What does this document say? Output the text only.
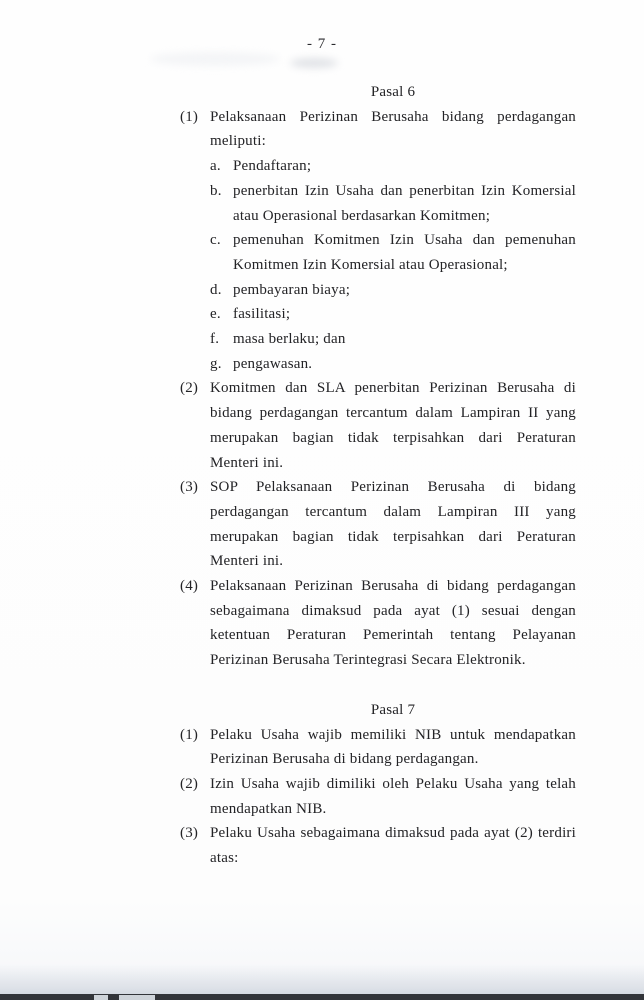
- 7 -
Pasal 6
(1) Pelaksanaan Perizinan Berusaha bidang perdagangan meliputi:
a. Pendaftaran;
b. penerbitan Izin Usaha dan penerbitan Izin Komersial atau Operasional berdasarkan Komitmen;
c. pemenuhan Komitmen Izin Usaha dan pemenuhan Komitmen Izin Komersial atau Operasional;
d. pembayaran biaya;
e. fasilitasi;
f. masa berlaku; dan
g. pengawasan.
(2) Komitmen dan SLA penerbitan Perizinan Berusaha di bidang perdagangan tercantum dalam Lampiran II yang merupakan bagian tidak terpisahkan dari Peraturan Menteri ini.
(3) SOP Pelaksanaan Perizinan Berusaha di bidang perdagangan tercantum dalam Lampiran III yang merupakan bagian tidak terpisahkan dari Peraturan Menteri ini.
(4) Pelaksanaan Perizinan Berusaha di bidang perdagangan sebagaimana dimaksud pada ayat (1) sesuai dengan ketentuan Peraturan Pemerintah tentang Pelayanan Perizinan Berusaha Terintegrasi Secara Elektronik.
Pasal 7
(1) Pelaku Usaha wajib memiliki NIB untuk mendapatkan Perizinan Berusaha di bidang perdagangan.
(2) Izin Usaha wajib dimiliki oleh Pelaku Usaha yang telah mendapatkan NIB.
(3) Pelaku Usaha sebagaimana dimaksud pada ayat (2) terdiri atas:
